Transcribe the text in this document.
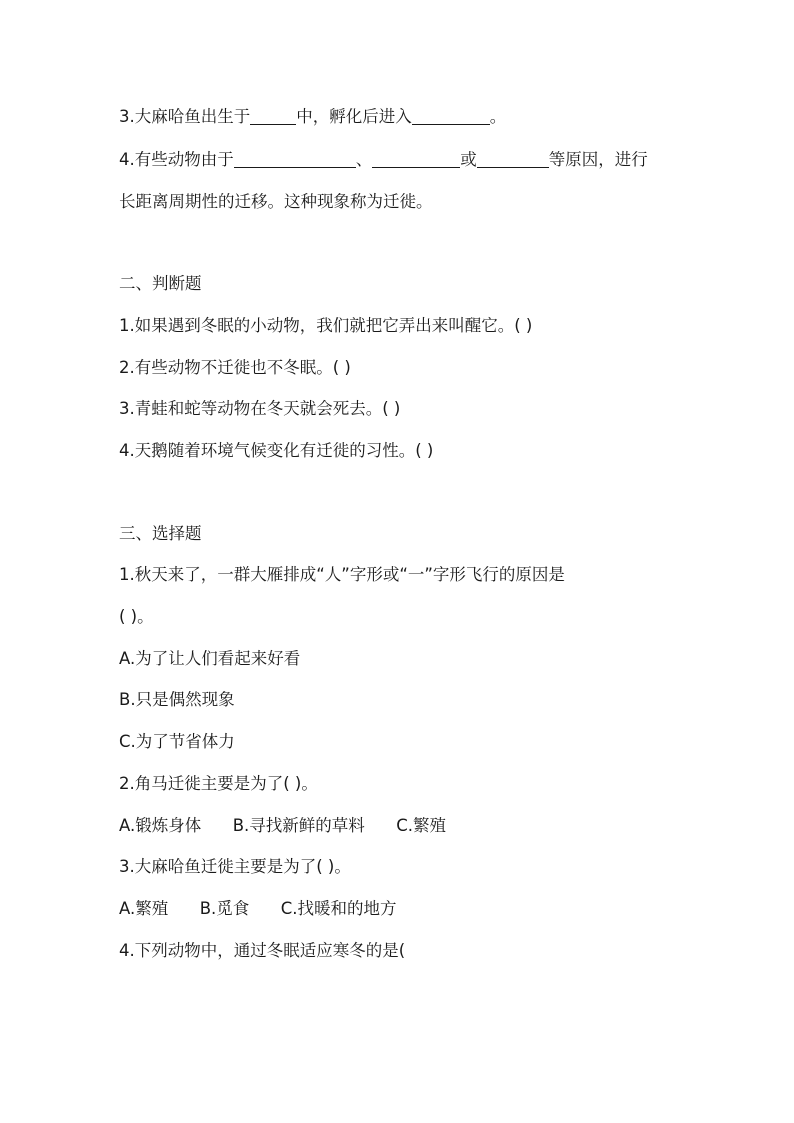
3.大麻哈鱼出生于	中，孵化后进入	。
4.有些动物由于	、	或	等原因，进行
长距离周期性的迁移。这种现象称为迁徙。
二、判断题
1.如果遇到冬眠的小动物，我们就把它弄出来叫醒它。( )
2.有些动物不迁徙也不冬眠。( )
3.青蛙和蛇等动物在冬天就会死去。( )
4.天鹅随着环境气候变化有迁徙的习性。( )
三、选择题
1.秋天来了，一群大雁排成“人”字形或“一”字形飞行的原因是
( )。
A.为了让人们看起来好看
B.只是偶然现象
C.为了节省体力
2.角马迁徙主要是为了( )。
A.锻炼身体      B.寻找新鲜的草料      C.繁殖
3.大麻哈鱼迁徙主要是为了( )。
A.繁殖      B.觅食      C.找暖和的地方
4.下列动物中，通过冬眠适应寒冬的是(
